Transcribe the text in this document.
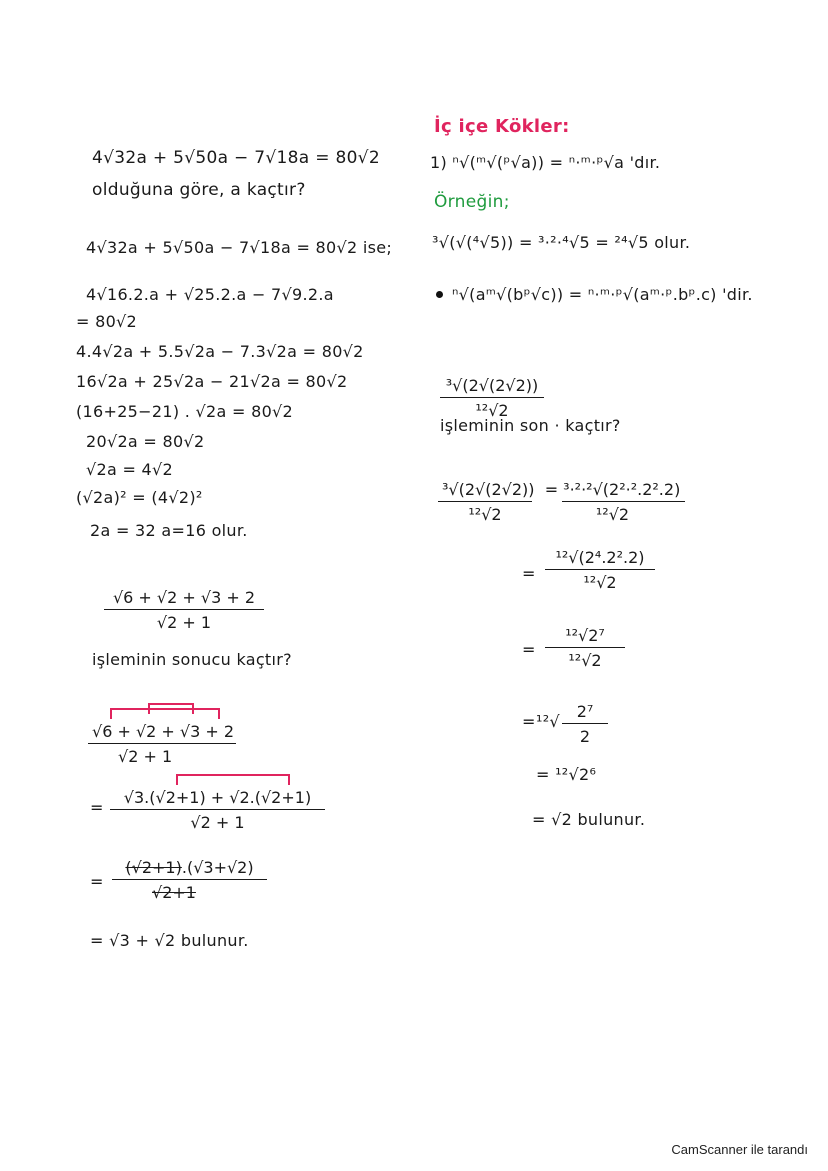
4√32a + 5√50a − 7√18a = 80√2
olduğuna göre, a kaçtır?
4√32a + 5√50a − 7√18a = 80√2 ise;
4√16.2.a + √25.2.a − 7√9.2.a
= 80√2
4.4√2a + 5.5√2a − 7.3√2a = 80√2
16√2a + 25√2a − 21√2a = 80√2
(16+25−21) . √2a = 80√2
20√2a = 80√2
√2a = 4√2
(√2a)² = (4√2)²
2a = 32 a=16 olur.
√6 + √2 + √3 + 2
√2 + 1
işleminin sonucu kaçtır?
√6 + √2 + √3 + 2
√2 + 1
=
√3.(√2+1) + √2.(√2+1)
√2 + 1
=
(√2+1).(√3+√2)
√2+1
= √3 + √2 bulunur.
İç içe Kökler:
1) ⁿ√(ᵐ√(ᵖ√a)) = ⁿ·ᵐ·ᵖ√a 'dır.
Örneğin;
³√(√(⁴√5)) = ³·²·⁴√5 = ²⁴√5 olur.
ⁿ√(aᵐ√(bᵖ√c)) = ⁿ·ᵐ·ᵖ√(aᵐ·ᵖ.bᵖ.c) 'dir.
³√(2√(2√2))
¹²√2
işleminin son · kaçtır?
³√(2√(2√2))
¹²√2
= ³·²·²√(2²·².2².2)
¹²√2
=
¹²√(2⁴.2².2)
¹²√2
=
¹²√2⁷
¹²√2
= ¹²√
2⁷
2
= ¹²√2⁶
= √2 bulunur.
CamScanner ile tarandı
